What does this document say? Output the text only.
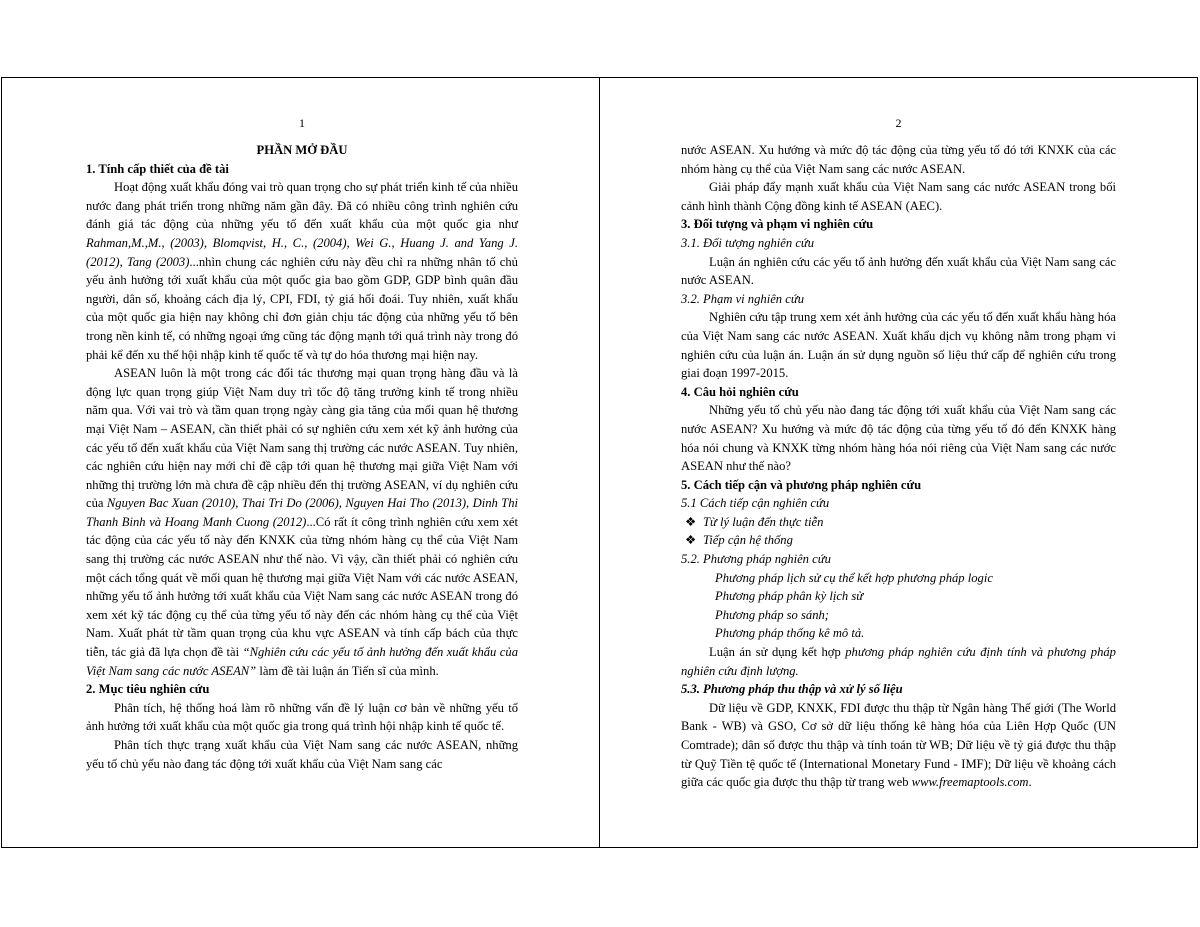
1
PHẦN MỞ ĐẦU
1. Tính cấp thiết của đề tài

Hoạt động xuất khẩu đóng vai trò quan trọng cho sự phát triển kinh tế của nhiều nước đang phát triển trong những năm gần đây. Đã có nhiều công trình nghiên cứu đánh giá tác động của những yếu tố đến xuất khẩu của một quốc gia như Rahman,M.,M., (2003), Blomqvist, H., C., (2004), Wei G., Huang J. and Yang J. (2012), Tang (2003)...nhìn chung các nghiên cứu này đều chỉ ra những nhân tố chủ yếu ảnh hưởng tới xuất khẩu của một quốc gia bao gồm GDP, GDP bình quân đầu người, dân số, khoảng cách địa lý, CPI, FDI, tỷ giá hối đoái. Tuy nhiên, xuất khẩu của một quốc gia hiện nay không chỉ đơn giản chịu tác động của những yếu tố bên trong nền kinh tế, có những ngoại ứng cũng tác động mạnh tới quá trình này trong đó phải kể đến xu thế hội nhập kinh tế quốc tế và tự do hóa thương mại hiện nay.

ASEAN luôn là một trong các đối tác thương mại quan trọng hàng đầu và là động lực quan trọng giúp Việt Nam duy trì tốc độ tăng trưởng kinh tế trong nhiều năm qua. Với vai trò và tầm quan trọng ngày càng gia tăng của mối quan hệ thương mại Việt Nam – ASEAN, cần thiết phải có sự nghiên cứu xem xét kỹ ảnh hưởng của các yếu tố đến xuất khẩu của Việt Nam sang thị trường các nước ASEAN. Tuy nhiên, các nghiên cứu hiện nay mới chỉ đề cập tới quan hệ thương mại giữa Việt Nam với những thị trường lớn mà chưa đề cập nhiều đến thị trường ASEAN, ví dụ nghiên cứu của Nguyen Bac Xuan (2010), Thai Tri Do (2006), Nguyen Hai Tho (2013), Dinh Thi Thanh Binh và Hoang Manh Cuong (2012)...Có rất ít công trình nghiên cứu xem xét tác động của các yếu tố này đến KNXK của từng nhóm hàng cụ thể của Việt Nam sang thị trường các nước ASEAN như thế nào. Vì vậy, cần thiết phải có nghiên cứu một cách tổng quát về mối quan hệ thương mại giữa Việt Nam với các nước ASEAN, những yếu tố ảnh hưởng tới xuất khẩu của Việt Nam sang các nước ASEAN trong đó xem xét kỹ tác động cụ thể của từng yếu tố này đến các nhóm hàng cụ thể của Việt Nam. Xuất phát từ tầm quan trọng của khu vực ASEAN và tính cấp bách của thực tiễn, tác giả đã lựa chọn đề tài “Nghiên cứu các yếu tố ảnh hưởng đến xuất khẩu của Việt Nam sang các nước ASEAN” làm đề tài luận án Tiến sĩ của mình.

2. Mục tiêu nghiên cứu

Phân tích, hệ thống hoá làm rõ những vấn đề lý luận cơ bản về những yếu tố ảnh hưởng tới xuất khẩu của một quốc gia trong quá trình hội nhập kinh tế quốc tế.

Phân tích thực trạng xuất khẩu của Việt Nam sang các nước ASEAN, những yếu tố chủ yếu nào đang tác động tới xuất khẩu của Việt Nam sang các

2

nước ASEAN. Xu hướng và mức độ tác động của từng yếu tố đó tới KNXK của các nhóm hàng cụ thể của Việt Nam sang các nước ASEAN.

Giải pháp đẩy mạnh xuất khẩu của Việt Nam sang các nước ASEAN trong bối cảnh hình thành Cộng đồng kinh tế ASEAN (AEC).

3. Đối tượng và phạm vi nghiên cứu
3.1. Đối tượng nghiên cứu

Luận án nghiên cứu các yếu tố ảnh hưởng đến xuất khẩu của Việt Nam sang các nước ASEAN.

3.2. Phạm vi nghiên cứu

Nghiên cứu tập trung xem xét ảnh hưởng của các yếu tố đến xuất khẩu hàng hóa của Việt Nam sang các nước ASEAN. Xuất khẩu dịch vụ không nằm trong phạm vi nghiên cứu của luận án. Luận án sử dụng nguồn số liệu thứ cấp để nghiên cứu trong giai đoạn 1997-2015.

4. Câu hỏi nghiên cứu

Những yếu tố chủ yếu nào đang tác động tới xuất khẩu của Việt Nam sang các nước ASEAN? Xu hướng và mức độ tác động của từng yếu tố đó đến KNXK hàng hóa nói chung và KNXK từng nhóm hàng hóa nói riêng của Việt Nam sang các nước ASEAN như thế nào?

5. Cách tiếp cận và phương pháp nghiên cứu
5.1 Cách tiếp cận nghiên cứu
❖ Từ lý luận đến thực tiễn
❖ Tiếp cận hệ thống
5.2. Phương pháp nghiên cứu
Phương pháp lịch sử cụ thể kết hợp phương pháp logic
Phương pháp phân kỳ lịch sử
Phương pháp so sánh;
Phương pháp thống kê mô tả.

Luận án sử dụng kết hợp phương pháp nghiên cứu định tính và phương pháp nghiên cứu định lượng.

5.3. Phương pháp thu thập và xử lý số liệu

Dữ liệu về GDP, KNXK, FDI được thu thập từ Ngân hàng Thế giới (The World Bank - WB) và GSO, Cơ sở dữ liệu thống kê hàng hóa của Liên Hợp Quốc (UN Comtrade); dân số được thu thập và tính toán từ WB; Dữ liệu về tỷ giá được thu thập từ Quỹ Tiền tệ quốc tế (International Monetary Fund - IMF); Dữ liệu về khoảng cách giữa các quốc gia được thu thập từ trang web www.freemaptools.com.
